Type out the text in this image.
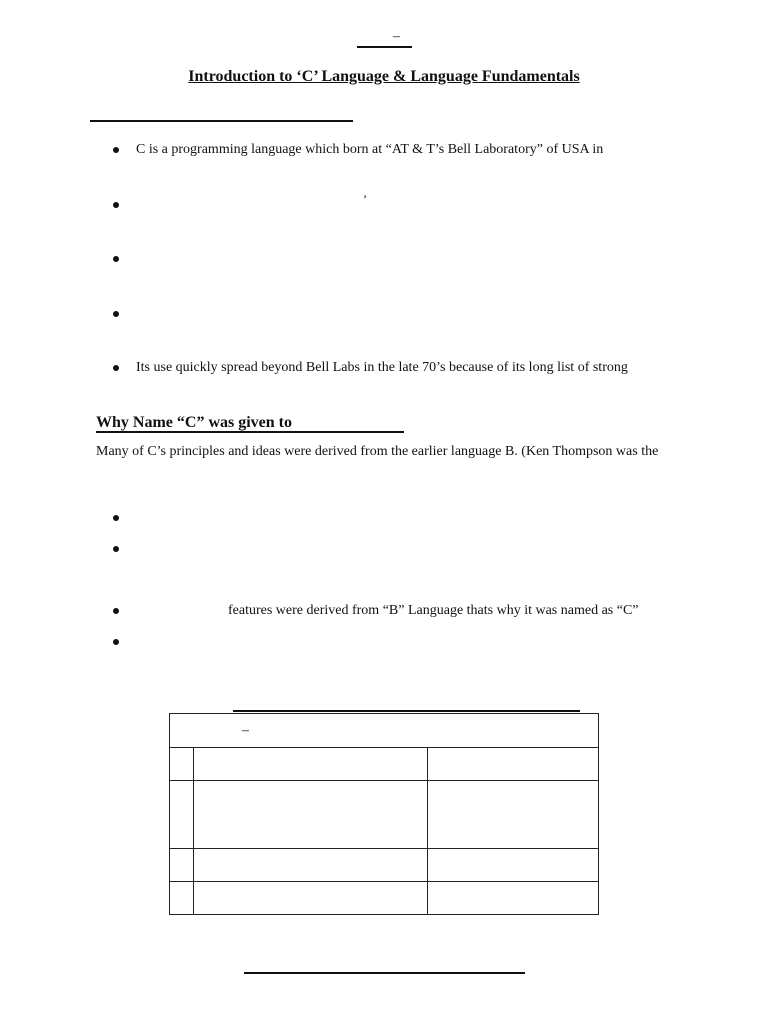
–
Introduction to ‘C’ Language & Language Fundamentals
C is a programming language which born at “AT & T’s Bell Laboratory” of USA in
’
Its use quickly spread beyond Bell Labs in the late 70’s because of its long list of strong
Why Name “C” was given to
Many of C’s principles and ideas were derived from the earlier language B. (Ken Thompson was the
features were derived from “B” Language thats why it was named as “C”
–
